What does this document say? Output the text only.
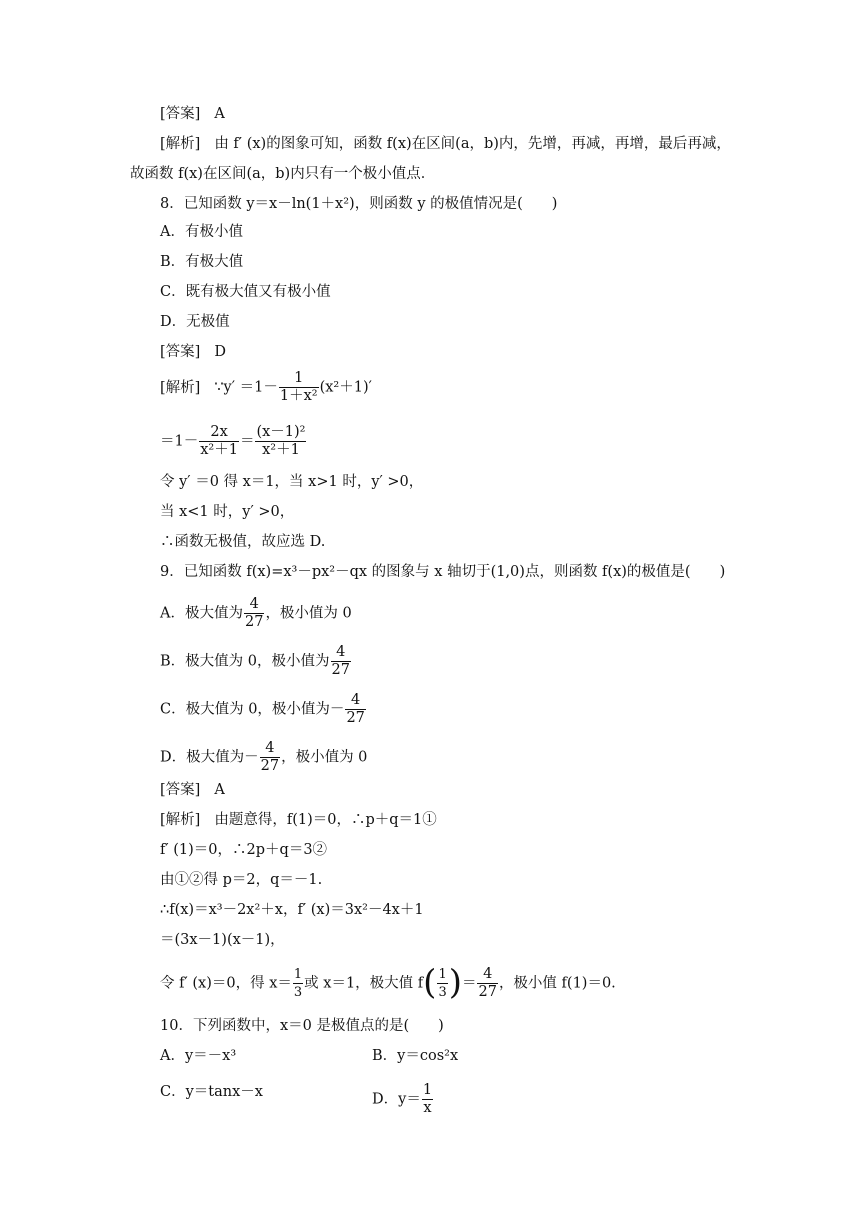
[答案] A
[解析] 由 f′ (x)的图象可知，函数 f(x)在区间(a，b)内，先增，再减，再增，最后再减，
故函数 f(x)在区间(a，b)内只有一个极小值点．
8．已知函数 y＝x－ln(1＋x²)，则函数 y 的极值情况是(　　)
A．有极小值
B．有极大值
C．既有极大值又有极小值
D．无极值
[答案] D
[解析] ∵y′ $=1- \frac{1}{\text{1＋x²}} (x^2+1)'$
$=1- \frac{2x}{\text{x²＋1}} = \frac{\text{(x－1)²}}{\text{x²＋1}}$
令 y′ ＝0 得 x＝1，当 x>1 时，y′ >0，
当 x<1 时，y′ >0，
∴函数无极值，故应选 D.
9．已知函数 f(x)=x³－px²－qx 的图象与 x 轴切于(1,0)点，则函数 f(x)的极值是(　　)
A．极大值为 $\frac{4}{27}$ ，极小值为 0
B．极大值为 0，极小值为 $\frac{4}{27}$
C．极大值为 0，极小值为－ $\frac{4}{27}$
D．极大值为－ $\frac{4}{27}$ ，极小值为 0
[答案] A
[解析] 由题意得，f(1)＝0，∴p＋q＝1①
f′ (1)＝0，∴2p＋q＝3②
由①②得 p＝2，q＝－1.
∴f(x)＝x³－2x²＋x，f′ (x)＝3x²－4x＋1
＝(3x－1)(x－1)，
令 f′ (x)＝0，得 $x= \frac{1}{3}$ 或 x＝1，极大值 $f( \frac{1}{3}$ )＝ $\frac{4}{27}$ ，极小值 f(1)＝0.
10．下列函数中，x＝0 是极值点的是(　　)
A．y＝－x³	B．y＝cos²x
C．y＝tanx－x	D．$y= \frac{1}{x}$
